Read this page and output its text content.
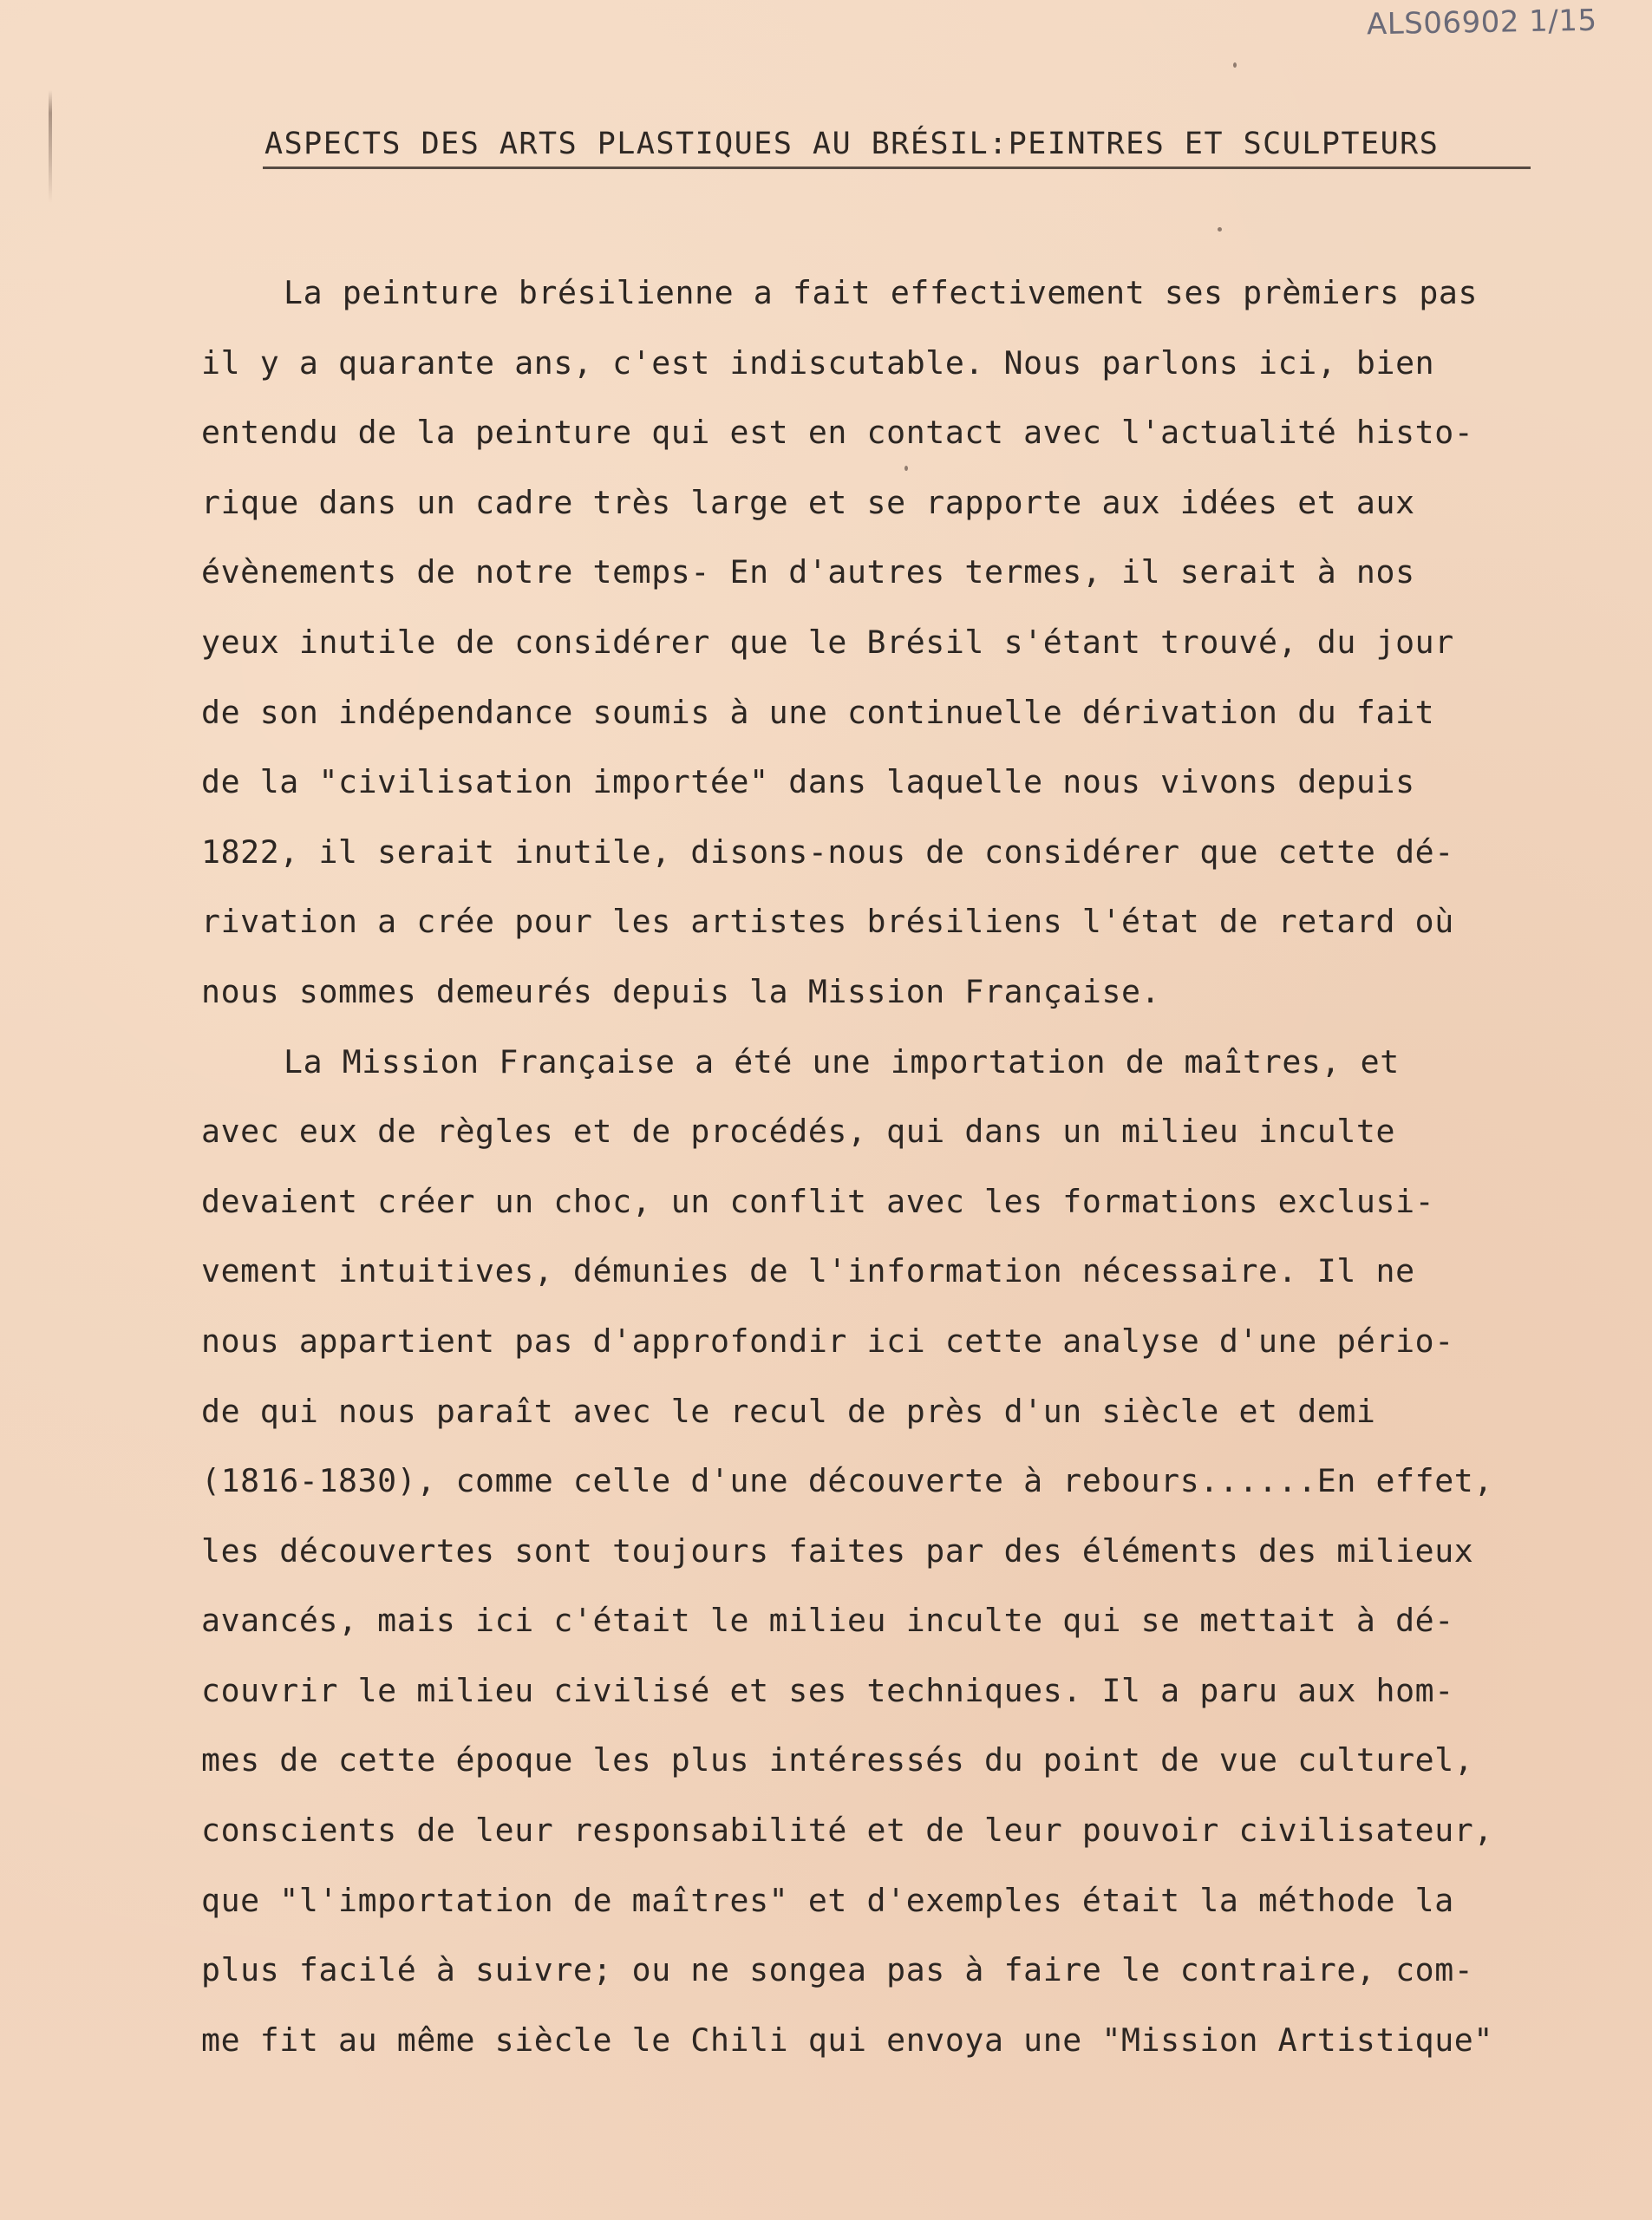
ALS06902 1/15
ASPECTS DES ARTS PLASTIQUES AU BRÉSIL:PEINTRES ET SCULPTEURS
La peinture brésilienne a fait effectivement ses prèmiers pas
il y a quarante ans, c'est indiscutable. Nous parlons ici, bien
entendu de la peinture qui est en contact avec l'actualité histo-
rique dans un cadre très large et se rapporte aux idées et aux
évènements de notre temps- En d'autres termes, il serait à nos
yeux inutile de considérer que le Brésil s'étant trouvé, du jour
de son indépendance soumis à une continuelle dérivation du fait
de la "civilisation importée" dans laquelle nous vivons depuis
1822, il serait inutile, disons-nous de considérer que cette dé-
rivation a crée pour les artistes brésiliens l'état de retard où
nous sommes demeurés depuis la Mission Française.
La Mission Française a été une importation de maîtres, et
avec eux de règles et de procédés, qui dans un milieu inculte
devaient créer un choc, un conflit avec les formations exclusi-
vement intuitives, démunies de l'information nécessaire. Il ne
nous appartient pas d'approfondir ici cette analyse d'une pério-
de qui nous paraît avec le recul de près d'un siècle et demi
(1816-1830), comme celle d'une découverte à rebours......En effet,
les découvertes sont toujours faites par des éléments des milieux
avancés, mais ici c'était le milieu inculte qui se mettait à dé-
couvrir le milieu civilisé et ses techniques. Il a paru aux hom-
mes de cette époque les plus intéressés du point de vue culturel,
conscients de leur responsabilité et de leur pouvoir civilisateur,
que "l'importation de maîtres" et d'exemples était la méthode la
plus facilé à suivre; ou ne songea pas à faire le contraire, com-
me fit au même siècle le Chili qui envoya une "Mission Artistique"
